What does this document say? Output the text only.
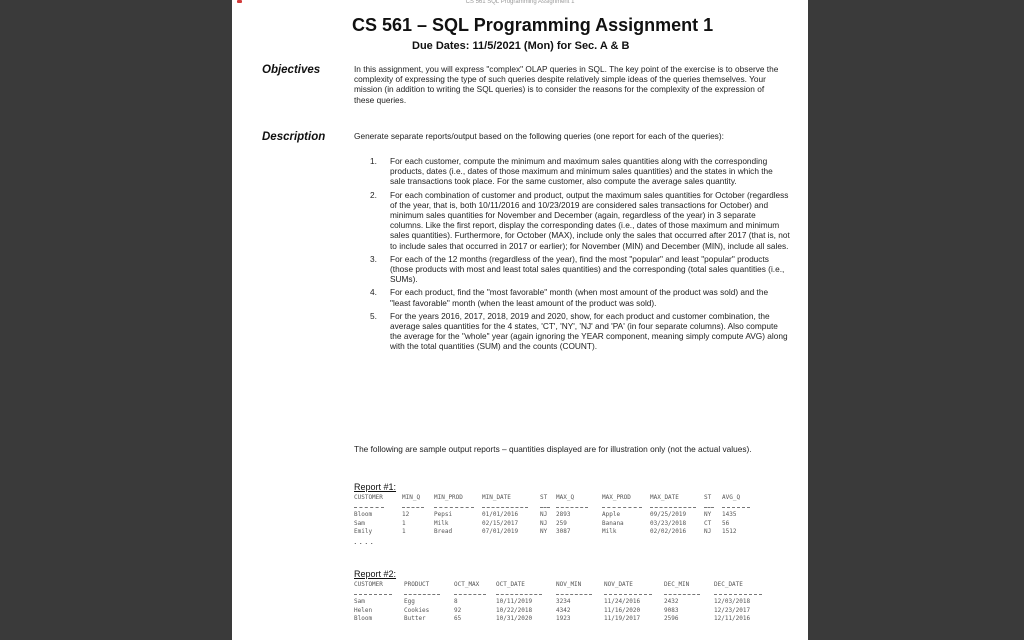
CS 561 SQL Programming Assignment 1
CS 561 – SQL Programming Assignment 1
Due Dates: 11/5/2021 (Mon) for Sec. A & B
Objectives	In this assignment, you will express "complex" OLAP queries in SQL. The key point of the exercise is to observe the complexity of expressing the type of such queries despite relatively simple ideas of the queries themselves. Your mission (in addition to writing the SQL queries) is to consider the reasons for the complexity of the expression of these queries.
Description	Generate separate reports/output based on the following queries (one report for each of the queries):
1. For each customer, compute the minimum and maximum sales quantities along with the corresponding products, dates (i.e., dates of those maximum and minimum sales quantities) and the states in which the sale transactions took place. For the same customer, also compute the average sales quantity.
2. For each combination of customer and product, output the maximum sales quantities for October (regardless of the year, that is, both 10/11/2016 and 10/23/2019 are considered sales transactions for October) and minimum sales quantities for November and December (again, regardless of the year) in 3 separate columns. Like the first report, display the corresponding dates (i.e., dates of those maximum and minimum sales quantities). Furthermore, for October (MAX), include only the sales that occurred after 2017 (that is, not to include sales that occurred in 2017 or earlier); for November (MIN) and December (MIN), include all sales.
3. For each of the 12 months (regardless of the year), find the most "popular" and least "popular" products (those products with most and least total sales quantities) and the corresponding (total sales quantities (i.e., SUMs).
4. For each product, find the "most favorable" month (when most amount of the product was sold) and the "least favorable" month (when the least amount of the product was sold).
5. For the years 2016, 2017, 2018, 2019 and 2020, show, for each product and customer combination, the average sales quantities for the 4 states, 'CT', 'NY', 'NJ' and 'PA' (in four separate columns). Also compute the average for the "whole" year (again ignoring the YEAR component, meaning simply compute AVG) along with the total quantities (SUM) and the counts (COUNT).
The following are sample output reports – quantities displayed are for illustration only (not the actual values).
Report #1:
CUSTOMER	MIN_Q MIN_PROD	MIN_DATE	ST MAX_Q	MAX_PROD	MAX_DATE	ST AVG_Q
Bloom	12	Pepsi	01/01/2016	NJ 2893	Apple	09/25/2019	NY 1435
Sam	1	Milk	02/15/2017	NJ 259	Banana	03/23/2018	CT 56
Emily	1	Bread	07/01/2019	NY 3087	Milk	02/02/2016	NJ 1512
....
Report #2:
CUSTOMER	PRODUCT	OCT_MAX	OCT_DATE	NOV_MIN	NOV_DATE	DEC_MIN	DEC_DATE
Sam	Egg	8	10/11/2019	3234	11/24/2016	2432	12/03/2018
Helen	Cookies	92	10/22/2018	4342	11/16/2020	9083	12/23/2017
Bloom	Butter	65	10/31/2020	1923	11/19/2017	2596	12/11/2016
